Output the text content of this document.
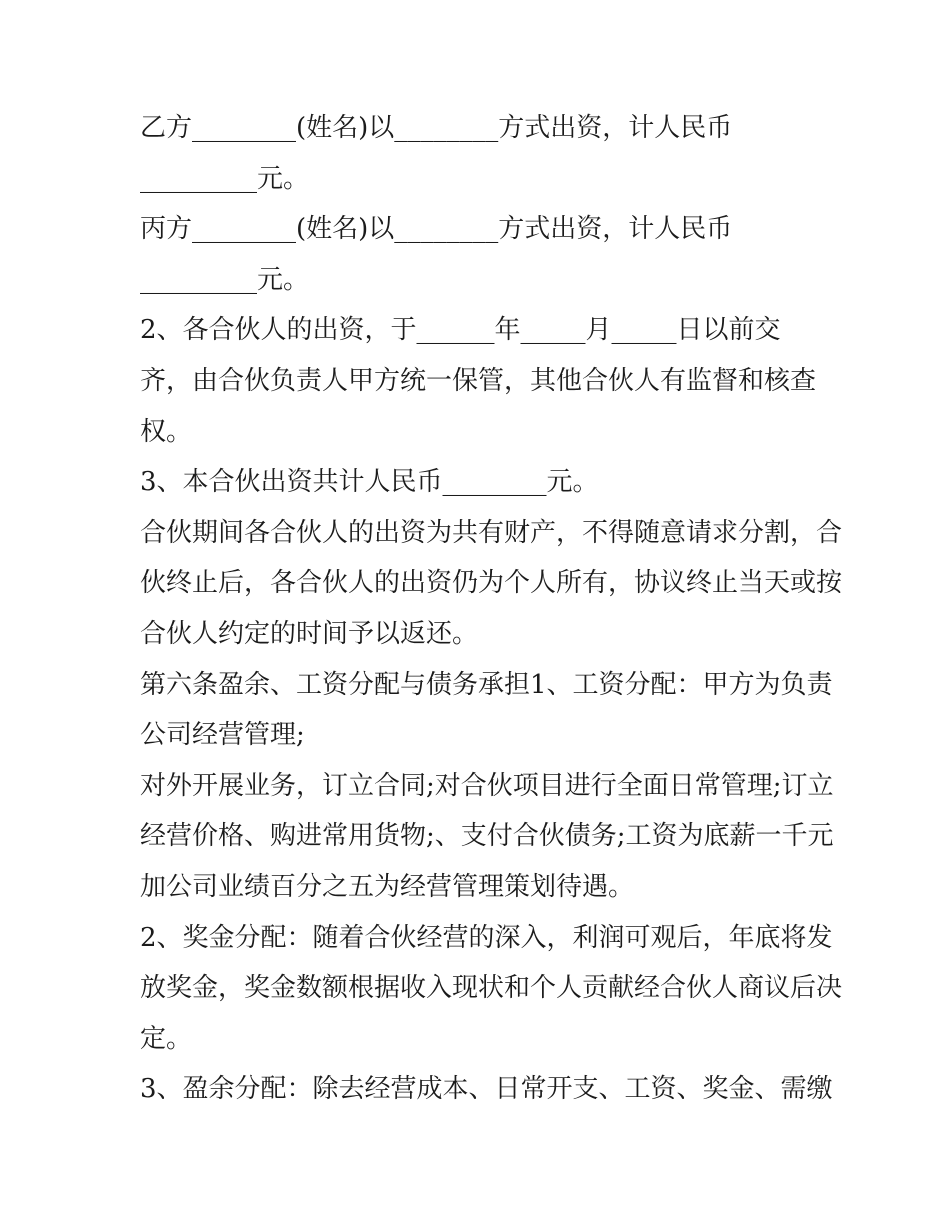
乙方________(姓名)以________方式出资，计人民币

_________元。

丙方________(姓名)以________方式出资，计人民币

_________元。

2、各合伙人的出资，于______年_____月_____日以前交

齐，由合伙负责人甲方统一保管，其他合伙人有监督和核查

权。

3、本合伙出资共计人民币________元。

合伙期间各合伙人的出资为共有财产，不得随意请求分割，合

伙终止后，各合伙人的出资仍为个人所有，协议终止当天或按

合伙人约定的时间予以返还。

第六条盈余、工资分配与债务承担1、工资分配：甲方为负责

公司经营管理;

对外开展业务，订立合同;对合伙项目进行全面日常管理;订立

经营价格、购进常用货物;、支付合伙债务;工资为底薪一千元

加公司业绩百分之五为经营管理策划待遇。

2、奖金分配：随着合伙经营的深入，利润可观后，年底将发

放奖金，奖金数额根据收入现状和个人贡献经合伙人商议后决

定。

3、盈余分配：除去经营成本、日常开支、工资、奖金、需缴
